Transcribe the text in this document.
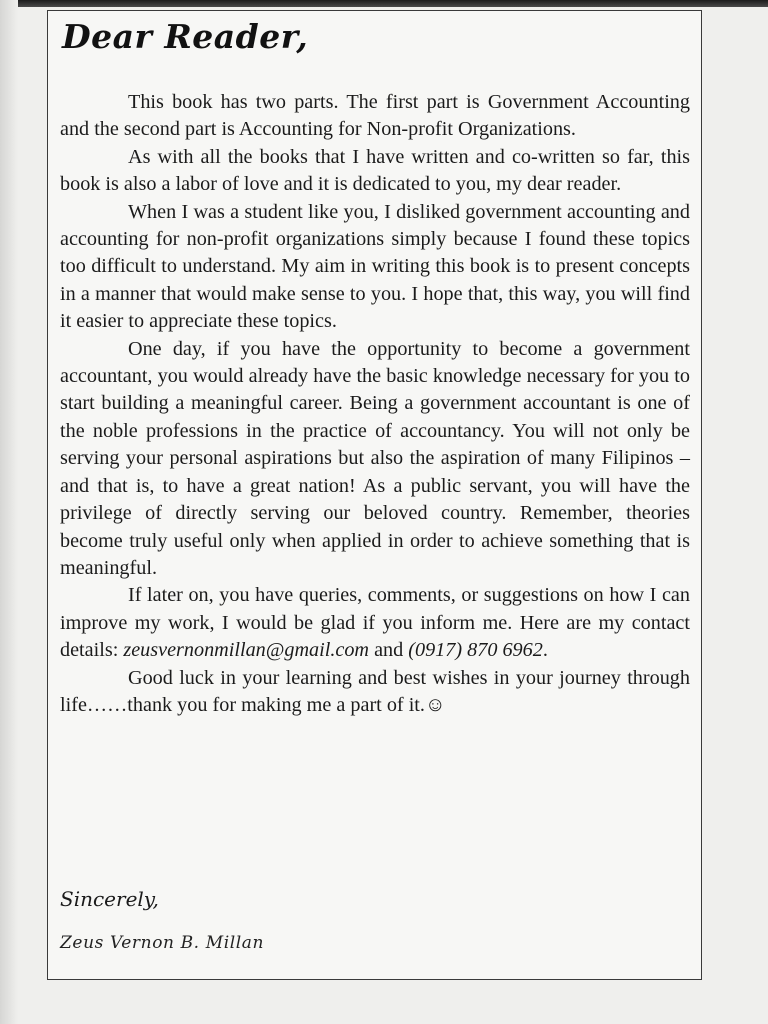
Dear Reader,

This book has two parts. The first part is Government Accounting and the second part is Accounting for Non-profit Organizations.

As with all the books that I have written and co-written so far, this book is also a labor of love and it is dedicated to you, my dear reader.

When I was a student like you, I disliked government accounting and accounting for non-profit organizations simply because I found these topics too difficult to understand. My aim in writing this book is to present concepts in a manner that would make sense to you. I hope that, this way, you will find it easier to appreciate these topics.

One day, if you have the opportunity to become a government accountant, you would already have the basic knowledge necessary for you to start building a meaningful career. Being a government accountant is one of the noble professions in the practice of accountancy. You will not only be serving your personal aspirations but also the aspiration of many Filipinos – and that is, to have a great nation! As a public servant, you will have the privilege of directly serving our beloved country. Remember, theories become truly useful only when applied in order to achieve something that is meaningful.

If later on, you have queries, comments, or suggestions on how I can improve my work, I would be glad if you inform me. Here are my contact details: zeusvernonmillan@gmail.com and (0917) 870 6962.

Good luck in your learning and best wishes in your journey through life……thank you for making me a part of it.☺

Sincerely,

Zeus Vernon B. Millan
